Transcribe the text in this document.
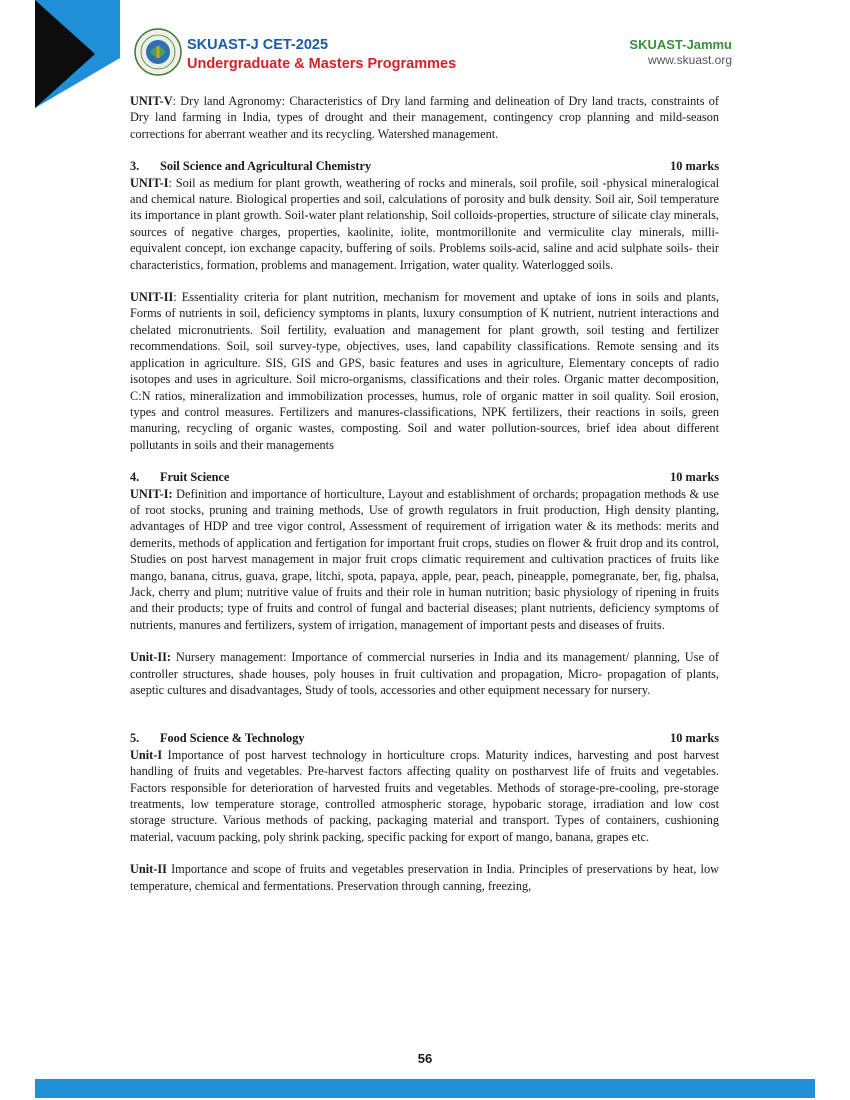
SKUAST-J CET-2025
Undergraduate & Masters Programmes
SKUAST-Jammu
www.skuast.org

UNIT-V: Dry land Agronomy: Characteristics of Dry land farming and delineation of Dry land tracts, constraints of Dry land farming in India, types of drought and their management, contingency crop planning and mild-season corrections for aberrant weather and its recycling. Watershed management.

3. Soil Science and Agricultural Chemistry	10 marks

UNIT-I: Soil as medium for plant growth, weathering of rocks and minerals, soil profile, soil -physical mineralogical and chemical nature. Biological properties and soil, calculations of porosity and bulk density. Soil air, Soil temperature its importance in plant growth. Soil-water plant relationship, Soil colloids-properties, structure of silicate clay minerals, sources of negative charges, properties, kaolinite, iolite, montmorillonite and vermiculite clay minerals, milli-equivalent concept, ion exchange capacity, buffering of soils. Problems soils-acid, saline and acid sulphate soils- their characteristics, formation, problems and management. Irrigation, water quality. Waterlogged soils.

UNIT-II: Essentiality criteria for plant nutrition, mechanism for movement and uptake of ions in soils and plants, Forms of nutrients in soil, deficiency symptoms in plants, luxury consumption of K nutrient, nutrient interactions and chelated micronutrients. Soil fertility, evaluation and management for plant growth, soil testing and fertilizer recommendations. Soil, soil survey-type, objectives, uses, land capability classifications. Remote sensing and its application in agriculture. SIS, GIS and GPS, basic features and uses in agriculture, Elementary concepts of radio isotopes and uses in agriculture. Soil micro-organisms, classifications and their roles. Organic matter decomposition, C:N ratios, mineralization and immobilization processes, humus, role of organic matter in soil quality. Soil erosion, types and control measures. Fertilizers and manures-classifications, NPK fertilizers, their reactions in soils, green manuring, recycling of organic wastes, composting. Soil and water pollution-sources, brief idea about different pollutants in soils and their managements

4. Fruit Science	10 marks

UNIT-I: Definition and importance of horticulture, Layout and establishment of orchards; propagation methods & use of root stocks, pruning and training methods, Use of growth regulators in fruit production, High density planting, advantages of HDP and tree vigor control, Assessment of requirement of irrigation water & its methods: merits and demerits, methods of application and fertigation for important fruit crops, studies on flower & fruit drop and its control, Studies on post harvest management in major fruit crops climatic requirement and cultivation practices of fruits like mango, banana, citrus, guava, grape, litchi, spota, papaya, apple, pear, peach, pineapple, pomegranate, ber, fig, phalsa, Jack, cherry and plum; nutritive value of fruits and their role in human nutrition; basic physiology of ripening in fruits and their products; type of fruits and control of fungal and bacterial diseases; plant nutrients, deficiency symptoms of nutrients, manures and fertilizers, system of irrigation, management of important pests and diseases of fruits.

Unit-II: Nursery management: Importance of commercial nurseries in India and its management/ planning, Use of controller structures, shade houses, poly houses in fruit cultivation and propagation, Micro- propagation of plants, aseptic cultures and disadvantages, Study of tools, accessories and other equipment necessary for nursery.

5. Food Science & Technology	10 marks

Unit-I Importance of post harvest technology in horticulture crops. Maturity indices, harvesting and post harvest handling of fruits and vegetables. Pre-harvest factors affecting quality on postharvest life of fruits and vegetables. Factors responsible for deterioration of harvested fruits and vegetables. Methods of storage-pre-cooling, pre-storage treatments, low temperature storage, controlled atmospheric storage, hypobaric storage, irradiation and low cost storage structure. Various methods of packing, packaging material and transport. Types of containers, cushioning material, vacuum packing, poly shrink packing, specific packing for export of mango, banana, grapes etc.

Unit-II Importance and scope of fruits and vegetables preservation in India. Principles of preservations by heat, low temperature, chemical and fermentations. Preservation through canning, freezing,

56
